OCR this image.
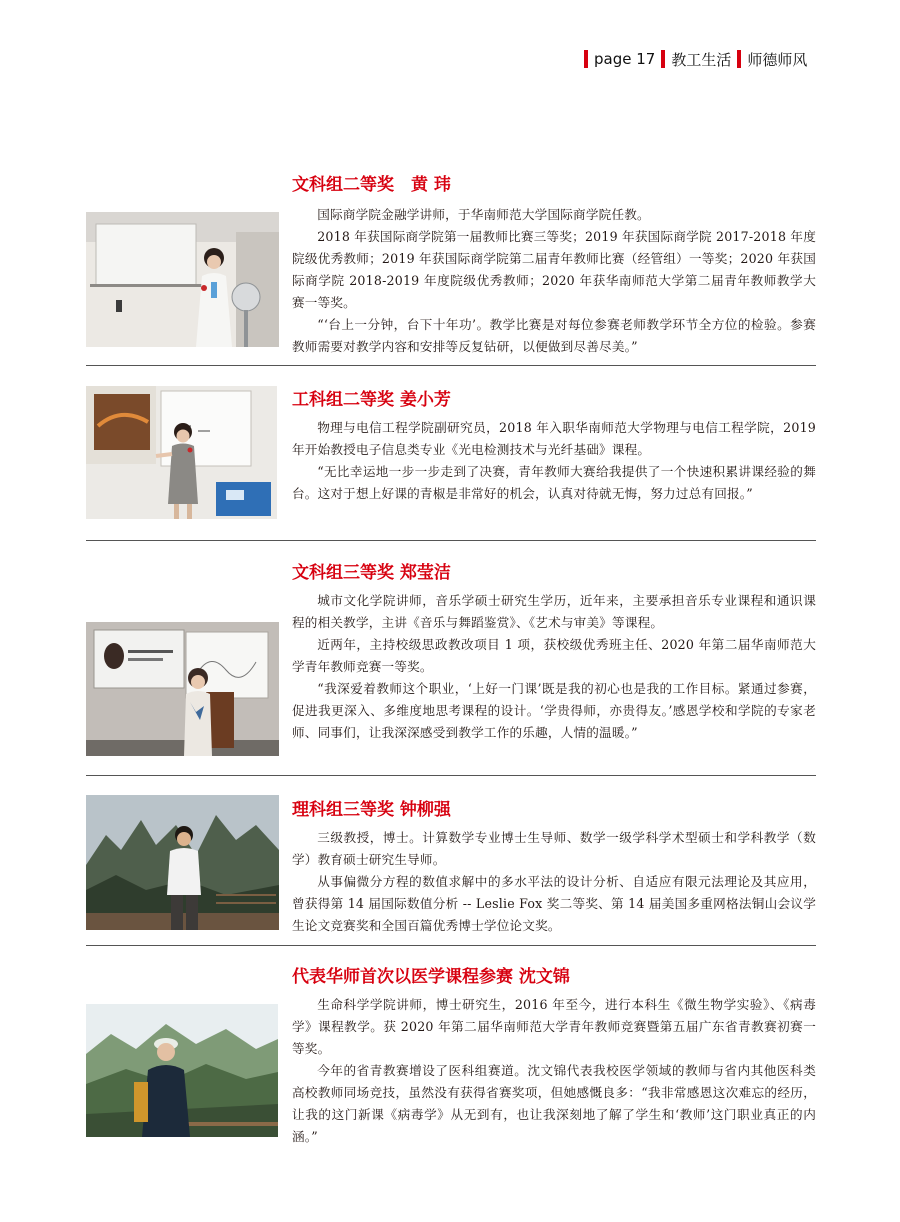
page 17 教工生活 师德师风
文科组二等奖　黄 玮

国际商学院金融学讲师，于华南师范大学国际商学院任教。

2018 年获国际商学院第一届教师比赛三等奖；2019 年获国际商学院 2017-2018 年度院级优秀教师；2019 年获国际商学院第二届青年教师比赛（经管组）一等奖；2020 年获国际商学院 2018-2019 年度院级优秀教师；2020 年获华南师范大学第二届青年教师教学大赛一等奖。

“‘台上一分钟，台下十年功’。教学比赛是对每位参赛老师教学环节全方位的检验。参赛教师需要对教学内容和安排等反复钻研，以便做到尽善尽美。”

工科组二等奖 姜小芳

物理与电信工程学院副研究员，2018 年入职华南师范大学物理与电信工程学院，2019 年开始教授电子信息类专业《光电检测技术与光纤基础》课程。

“无比幸运地一步一步走到了决赛，青年教师大赛给我提供了一个快速积累讲课经验的舞台。这对于想上好课的青椒是非常好的机会，认真对待就无悔，努力过总有回报。”

文科组三等奖 郑莹洁

城市文化学院讲师，音乐学硕士研究生学历，近年来，主要承担音乐专业课程和通识课程的相关教学，主讲《音乐与舞蹈鉴赏》、《艺术与审美》等课程。

近两年，主持校级思政教改项目 1 项，获校级优秀班主任、2020 年第二届华南师范大学青年教师竞赛一等奖。

“我深爱着教师这个职业，‘上好一门课’既是我的初心也是我的工作目标。紧通过参赛，促进我更深入、多维度地思考课程的设计。‘学贵得师，亦贵得友。’感恩学校和学院的专家老师、同事们，让我深深感受到教学工作的乐趣，人情的温暖。”

理科组三等奖 钟柳强

三级教授，博士。计算数学专业博士生导师、数学一级学科学术型硕士和学科教学（数学）教育硕士研究生导师。

从事偏微分方程的数值求解中的多水平法的设计分析、自适应有限元法理论及其应用，曾获得第 14 届国际数值分析 -- Leslie Fox 奖二等奖、第 14 届美国多重网格法铜山会议学生论文竞赛奖和全国百篇优秀博士学位论文奖。

代表华师首次以医学课程参赛 沈文锦

生命科学学院讲师，博士研究生，2016 年至今，进行本科生《微生物学实验》、《病毒学》课程教学。获 2020 年第二届华南师范大学青年教师竞赛暨第五届广东省青教赛初赛一等奖。

今年的省青教赛增设了医科组赛道。沈文锦代表我校医学领域的教师与省内其他医科类高校教师同场竞技，虽然没有获得省赛奖项，但她感慨良多：“我非常感恩这次难忘的经历，让我的这门新课《病毒学》从无到有，也让我深刻地了解了学生和‘教师’这门职业真正的内涵。”
